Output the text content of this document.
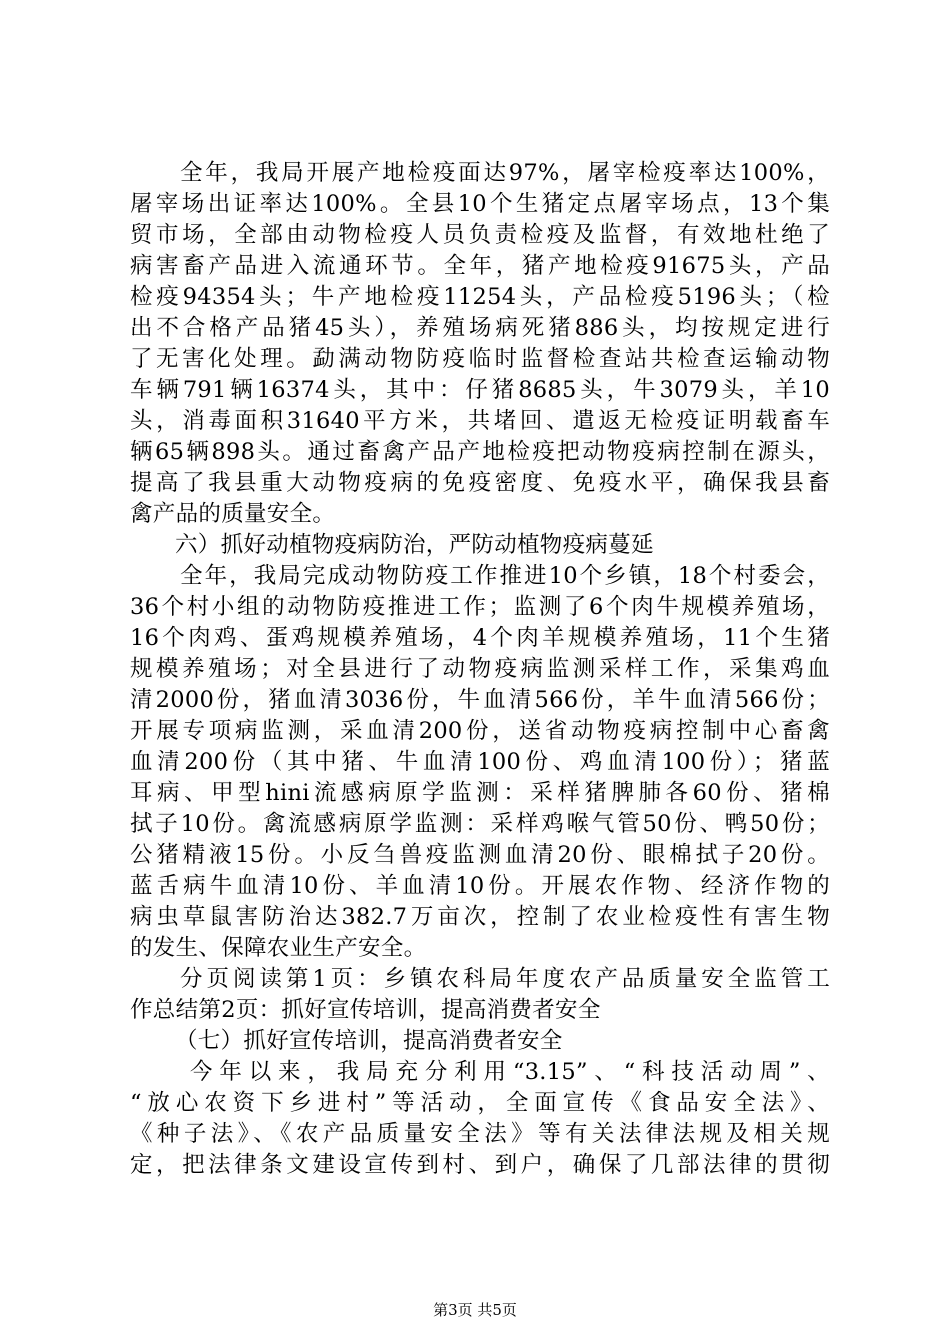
全年，我局开展产地检疫面达97%，屠宰检疫率达100%，
屠宰场出证率达100%。全县10个生猪定点屠宰场点，13个集
贸市场，全部由动物检疫人员负责检疫及监督，有效地杜绝了
病害畜产品进入流通环节。全年，猪产地检疫91675头，产品
检疫94354头；牛产地检疫11254头，产品检疫5196头；（检
出不合格产品猪45头），养殖场病死猪886头，均按规定进行
了无害化处理。勐满动物防疫临时监督检查站共检查运输动物
车辆791辆16374头，其中：仔猪8685头，牛3079头，羊10
头，消毒面积31640平方米，共堵回、遣返无检疫证明载畜车
辆65辆898头。通过畜禽产品产地检疫把动物疫病控制在源头，
提高了我县重大动物疫病的免疫密度、免疫水平，确保我县畜
禽产品的质量安全。
六）抓好动植物疫病防治，严防动植物疫病蔓延
全年，我局完成动物防疫工作推进10个乡镇，18个村委会，
36个村小组的动物防疫推进工作；监测了6个肉牛规模养殖场，
16个肉鸡、蛋鸡规模养殖场，4个肉羊规模养殖场，11个生猪
规模养殖场；对全县进行了动物疫病监测采样工作，采集鸡血
清2000份，猪血清3036份，牛血清566份，羊牛血清566份；
开展专项病监测，采血清200份，送省动物疫病控制中心畜禽
血清200份（其中猪、牛血清100份、鸡血清100份）；猪蓝
耳病、甲型hini流感病原学监测：采样猪脾肺各60份、猪棉
拭子10份。禽流感病原学监测：采样鸡喉气管50份、鸭50份；
公猪精液15份。小反刍兽疫监测血清20份、眼棉拭子20份。
蓝舌病牛血清10份、羊血清10份。开展农作物、经济作物的
病虫草鼠害防治达382.7万亩次，控制了农业检疫性有害生物
的发生、保障农业生产安全。
分页阅读第1页：乡镇农科局年度农产品质量安全监管工
作总结第2页：抓好宣传培训，提高消费者安全
（七）抓好宣传培训，提高消费者安全
今年以来，我局充分利用“3.15”、“科技活动周”、
“放心农资下乡进村”等活动，全面宣传《食品安全法》、
《种子法》、《农产品质量安全法》等有关法律法规及相关规
定，把法律条文建设宣传到村、到户，确保了几部法律的贯彻
第3页 共5页
